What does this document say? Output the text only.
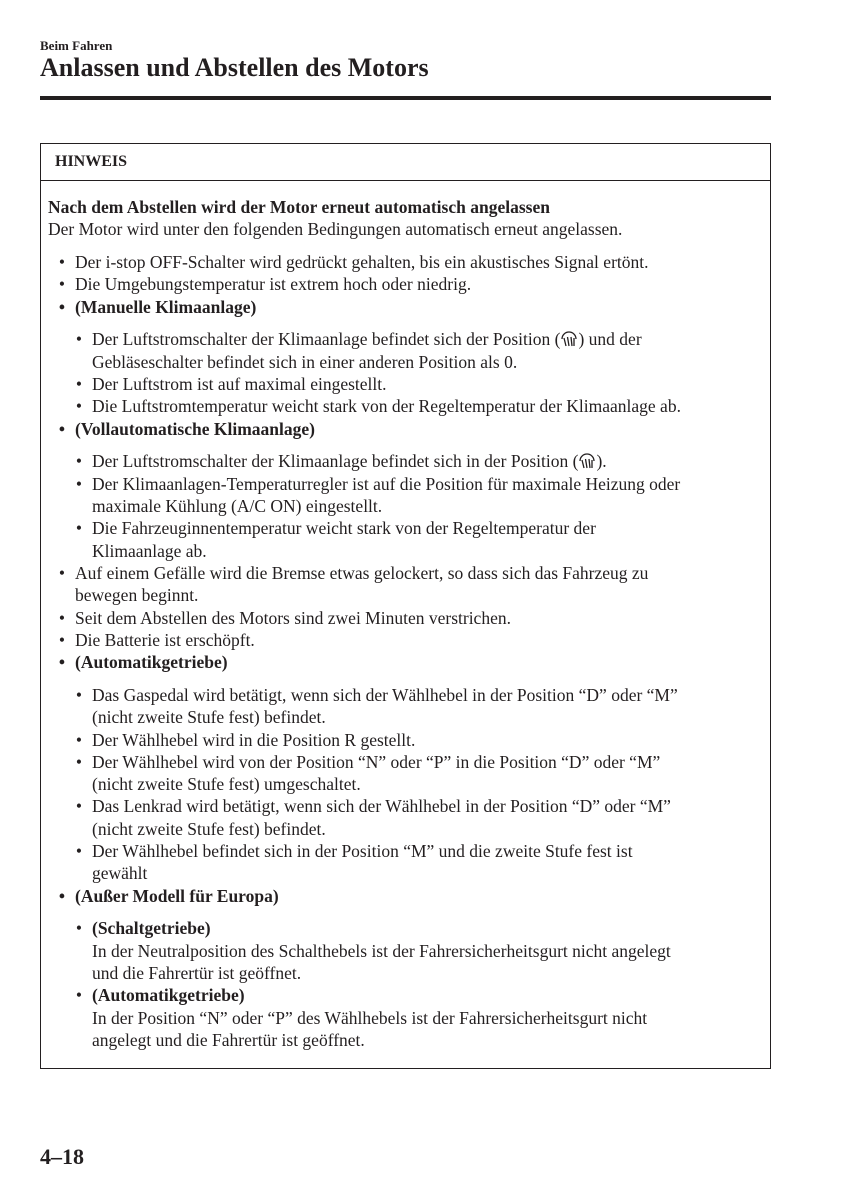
Beim Fahren
Anlassen und Abstellen des Motors
HINWEIS
Nach dem Abstellen wird der Motor erneut automatisch angelassen
Der Motor wird unter den folgenden Bedingungen automatisch erneut angelassen.
• Der i-stop OFF-Schalter wird gedrückt gehalten, bis ein akustisches Signal ertönt.
• Die Umgebungstemperatur ist extrem hoch oder niedrig.
• (Manuelle Klimaanlage)
• Der Luftstromschalter der Klimaanlage befindet sich der Position ( ) und der
Gebläseschalter befindet sich in einer anderen Position als 0.
• Der Luftstrom ist auf maximal eingestellt.
• Die Luftstromtemperatur weicht stark von der Regeltemperatur der Klimaanlage ab.
• (Vollautomatische Klimaanlage)
• Der Luftstromschalter der Klimaanlage befindet sich in der Position ( ).
• Der Klimaanlagen-Temperaturregler ist auf die Position für maximale Heizung oder
maximale Kühlung (A/C ON) eingestellt.
• Die Fahrzeuginnentemperatur weicht stark von der Regeltemperatur der
Klimaanlage ab.
• Auf einem Gefälle wird die Bremse etwas gelockert, so dass sich das Fahrzeug zu
bewegen beginnt.
• Seit dem Abstellen des Motors sind zwei Minuten verstrichen.
• Die Batterie ist erschöpft.
• (Automatikgetriebe)
• Das Gaspedal wird betätigt, wenn sich der Wählhebel in der Position “D” oder “M”
(nicht zweite Stufe fest) befindet.
• Der Wählhebel wird in die Position R gestellt.
• Der Wählhebel wird von der Position “N” oder “P” in die Position “D” oder “M”
(nicht zweite Stufe fest) umgeschaltet.
• Das Lenkrad wird betätigt, wenn sich der Wählhebel in der Position “D” oder “M”
(nicht zweite Stufe fest) befindet.
• Der Wählhebel befindet sich in der Position “M” und die zweite Stufe fest ist
gewählt
• (Außer Modell für Europa)
• (Schaltgetriebe)
In der Neutralposition des Schalthebels ist der Fahrersicherheitsgurt nicht angelegt
und die Fahrertür ist geöffnet.
• (Automatikgetriebe)
In der Position “N” oder “P” des Wählhebels ist der Fahrersicherheitsgurt nicht
angelegt und die Fahrertür ist geöffnet.
4–18
